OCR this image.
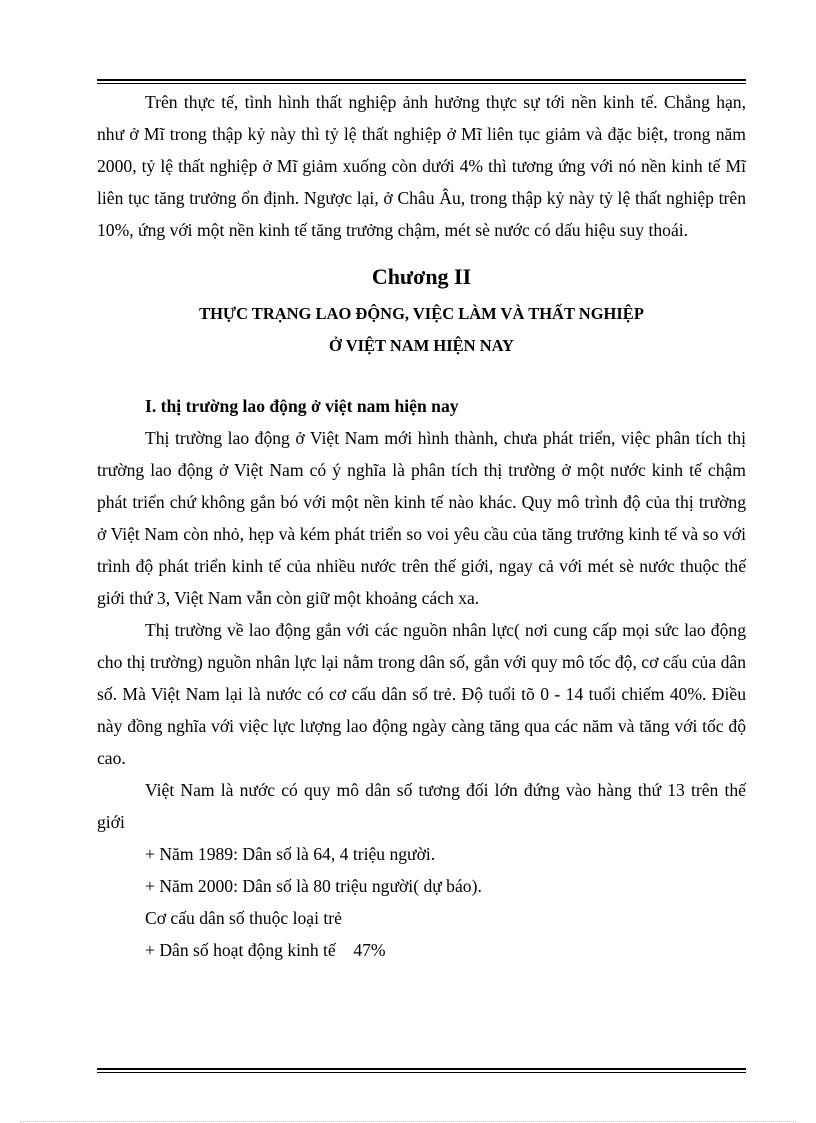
Trên thực tế, tình hình thất nghiệp ảnh hưởng thực sự tới nền kinh tế. Chẳng hạn, như ở Mĩ trong thập kỷ này thì tỷ lệ thất nghiệp ở Mĩ liên tục giảm và đặc biệt, trong năm 2000, tỷ lệ thất nghiệp ở Mĩ giảm xuống còn dưới 4% thì tương ứng với nó nền kinh tế Mĩ liên tục tăng trưởng ổn định. Ngược lại, ở Châu Âu, trong thập kỷ này tỷ lệ thất nghiệp trên 10%, ứng với một nền kinh tế tăng trưởng chậm, mét sè nước có dấu hiệu suy thoái.

Chương II
THỰC TRẠNG LAO ĐỘNG, VIỆC LÀM VÀ THẤT NGHIỆP
Ở VIỆT NAM HIỆN NAY
I. thị trường lao động ở việt nam hiện nay

Thị trường lao động ở Việt Nam mới hình thành, chưa phát triển, việc phân tích thị trường lao động ở Việt Nam có ý nghĩa là phân tích thị trường ở một nước kinh tế chậm phát triển chứ không gắn bó với một nền kinh tế nào khác. Quy mô trình độ của thị trường ở Việt Nam còn nhỏ, hẹp và kém phát triển so voi yêu cầu của tăng trưởng kinh tế và so với trình độ phát triển kinh tế của nhiều nước trên thế giới, ngay cả với mét sè nước thuộc thế giới thứ 3, Việt Nam vẫn còn giữ một khoảng cách xa.

Thị trường về lao động gắn với các nguồn nhân lực( nơi cung cấp mọi sức lao động cho thị trường) nguồn nhân lực lại nằm trong dân số, gắn với quy mô tốc độ, cơ cấu của dân số. Mà Việt Nam lại là nước có cơ cấu dân số trẻ. Độ tuổi tõ 0 - 14 tuổi chiếm 40%. Điều này đồng nghĩa với việc lực lượng lao động ngày càng tăng qua các năm và tăng với tốc độ cao.

Việt Nam là nước có quy mô dân số tương đối lớn đứng vào hàng thứ 13 trên thế giới

+ Năm 1989: Dân số là 64, 4 triệu người.
+ Năm 2000: Dân số là 80 triệu người( dự báo).
Cơ cấu dân số thuộc loại trẻ
+ Dân số hoạt động kinh tế    47%
